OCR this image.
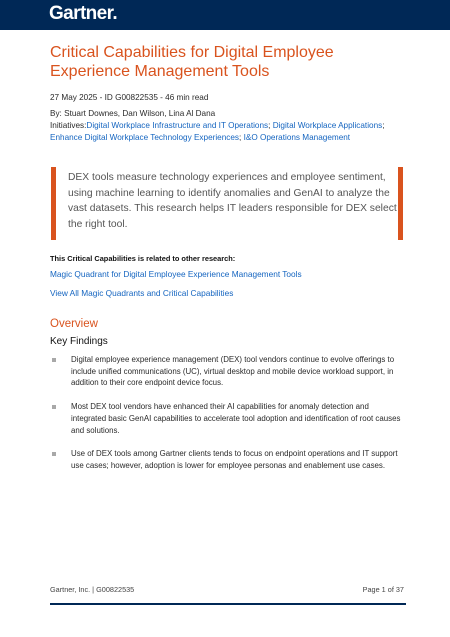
Gartner.
Critical Capabilities for Digital Employee Experience Management Tools
27 May 2025 - ID G00822535 - 46 min read
By: Stuart Downes, Dan Wilson, Lina Al Dana
Initiatives:Digital Workplace Infrastructure and IT Operations; Digital Workplace Applications; Enhance Digital Workplace Technology Experiences; I&O Operations Management
DEX tools measure technology experiences and employee sentiment, using machine learning to identify anomalies and GenAI to analyze the vast datasets. This research helps IT leaders responsible for DEX select the right tool.
This Critical Capabilities is related to other research:
Magic Quadrant for Digital Employee Experience Management Tools
View All Magic Quadrants and Critical Capabilities
Overview
Key Findings
Digital employee experience management (DEX) tool vendors continue to evolve offerings to include unified communications (UC), virtual desktop and mobile device workload support, in addition to their core endpoint device focus.
Most DEX tool vendors have enhanced their AI capabilities for anomaly detection and integrated basic GenAI capabilities to accelerate tool adoption and identification of root causes and solutions.
Use of DEX tools among Gartner clients tends to focus on endpoint operations and IT support use cases; however, adoption is lower for employee personas and enablement use cases.
Gartner, Inc. | G00822535	Page 1 of 37
